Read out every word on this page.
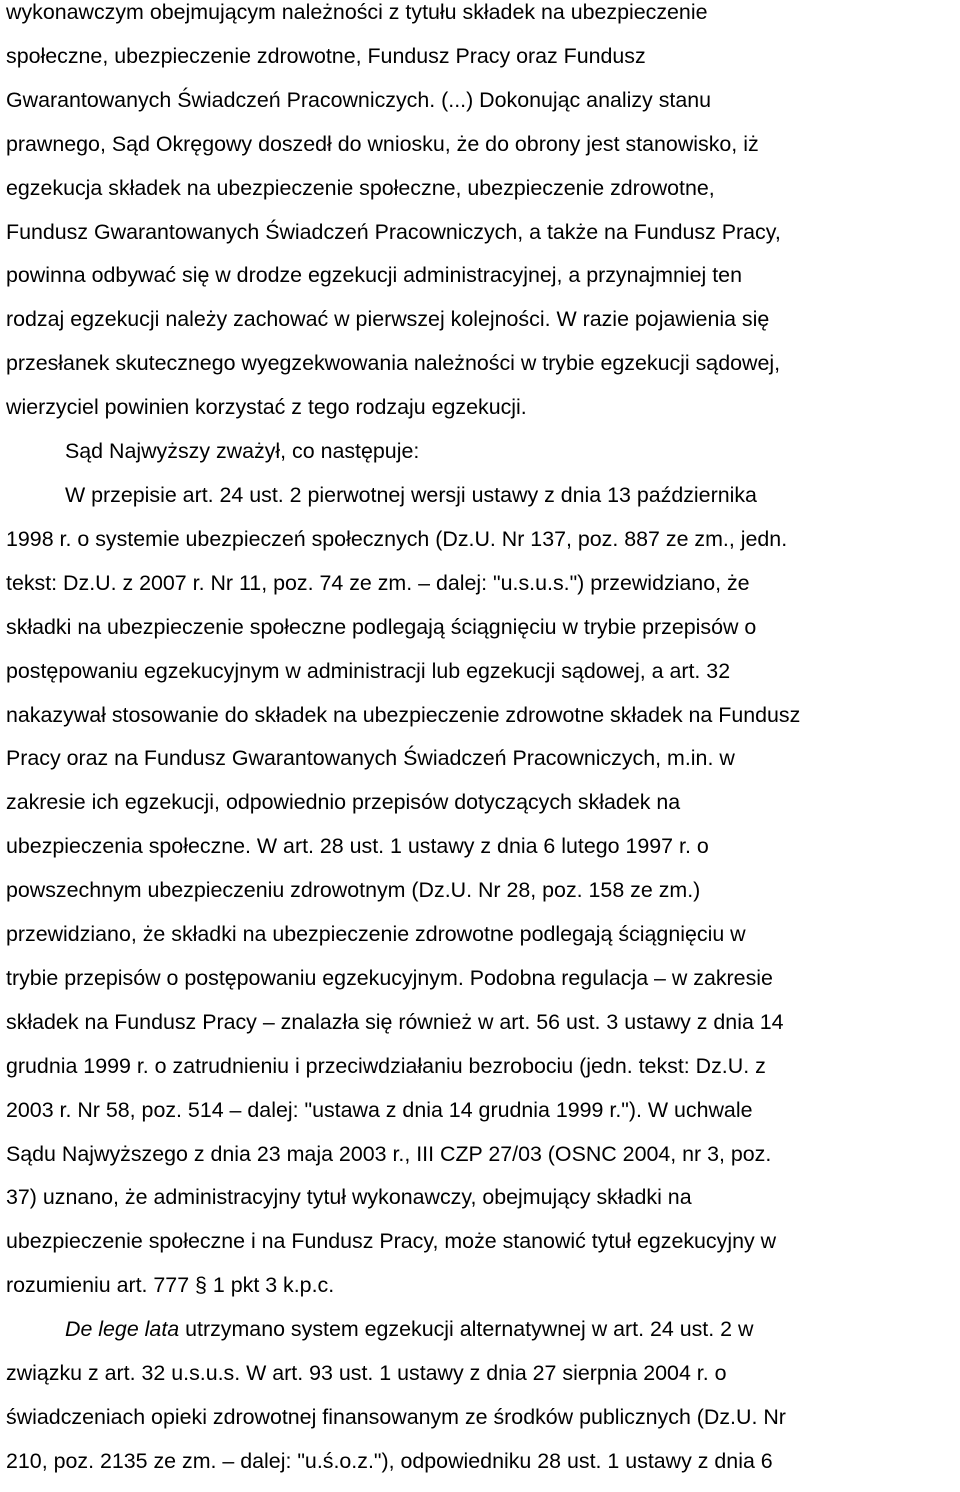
wykonawczym obejmującym należności z tytułu składek na ubezpieczenie

społeczne, ubezpieczenie zdrowotne, Fundusz Pracy oraz Fundusz

Gwarantowanych Świadczeń Pracowniczych. (...) Dokonując analizy stanu

prawnego, Sąd Okręgowy doszedł do wniosku, że do obrony jest stanowisko, iż

egzekucja składek na ubezpieczenie społeczne, ubezpieczenie zdrowotne,

Fundusz Gwarantowanych Świadczeń Pracowniczych, a także na Fundusz Pracy,

powinna odbywać się w drodze egzekucji administracyjnej, a przynajmniej ten

rodzaj egzekucji należy zachować w pierwszej kolejności. W razie pojawienia się

przesłanek skutecznego wyegzekwowania należności w trybie egzekucji sądowej,

wierzyciel powinien korzystać z tego rodzaju egzekucji.

Sąd Najwyższy zważył, co następuje:

W przepisie art. 24 ust. 2 pierwotnej wersji ustawy z dnia 13 października

1998 r. o systemie ubezpieczeń społecznych (Dz.U. Nr 137, poz. 887 ze zm., jedn.

tekst: Dz.U. z 2007 r. Nr 11, poz. 74 ze zm. – dalej: "u.s.u.s.") przewidziano, że

składki na ubezpieczenie społeczne podlegają ściągnięciu w trybie przepisów o

postępowaniu egzekucyjnym w administracji lub egzekucji sądowej, a art. 32

nakazywał stosowanie do składek na ubezpieczenie zdrowotne składek na Fundusz

Pracy oraz na Fundusz Gwarantowanych Świadczeń Pracowniczych, m.in. w

zakresie ich egzekucji, odpowiednio przepisów dotyczących składek na

ubezpieczenia społeczne. W art. 28 ust. 1 ustawy z dnia 6 lutego 1997 r. o

powszechnym ubezpieczeniu zdrowotnym (Dz.U. Nr 28, poz. 158 ze zm.)

przewidziano, że składki na ubezpieczenie zdrowotne podlegają ściągnięciu w

trybie przepisów o postępowaniu egzekucyjnym. Podobna regulacja – w zakresie

składek na Fundusz Pracy – znalazła się również w art. 56 ust. 3 ustawy z dnia 14

grudnia 1999 r. o zatrudnieniu i przeciwdziałaniu bezrobociu (jedn. tekst: Dz.U. z

2003 r. Nr 58, poz. 514 – dalej: "ustawa z dnia 14 grudnia 1999 r."). W uchwale

Sądu Najwyższego z dnia 23 maja 2003 r., III CZP 27/03 (OSNC 2004, nr 3, poz.

37) uznano, że administracyjny tytuł wykonawczy, obejmujący składki na

ubezpieczenie społeczne i na Fundusz Pracy, może stanowić tytuł egzekucyjny w

rozumieniu art. 777 § 1 pkt 3 k.p.c.

De lege lata utrzymano system egzekucji alternatywnej w art. 24 ust. 2 w

związku z art. 32 u.s.u.s. W art. 93 ust. 1 ustawy z dnia 27 sierpnia 2004 r. o

świadczeniach opieki zdrowotnej finansowanym ze środków publicznych (Dz.U. Nr

210, poz. 2135 ze zm. – dalej: "u.ś.o.z."), odpowiedniku 28 ust. 1 ustawy z dnia 6
